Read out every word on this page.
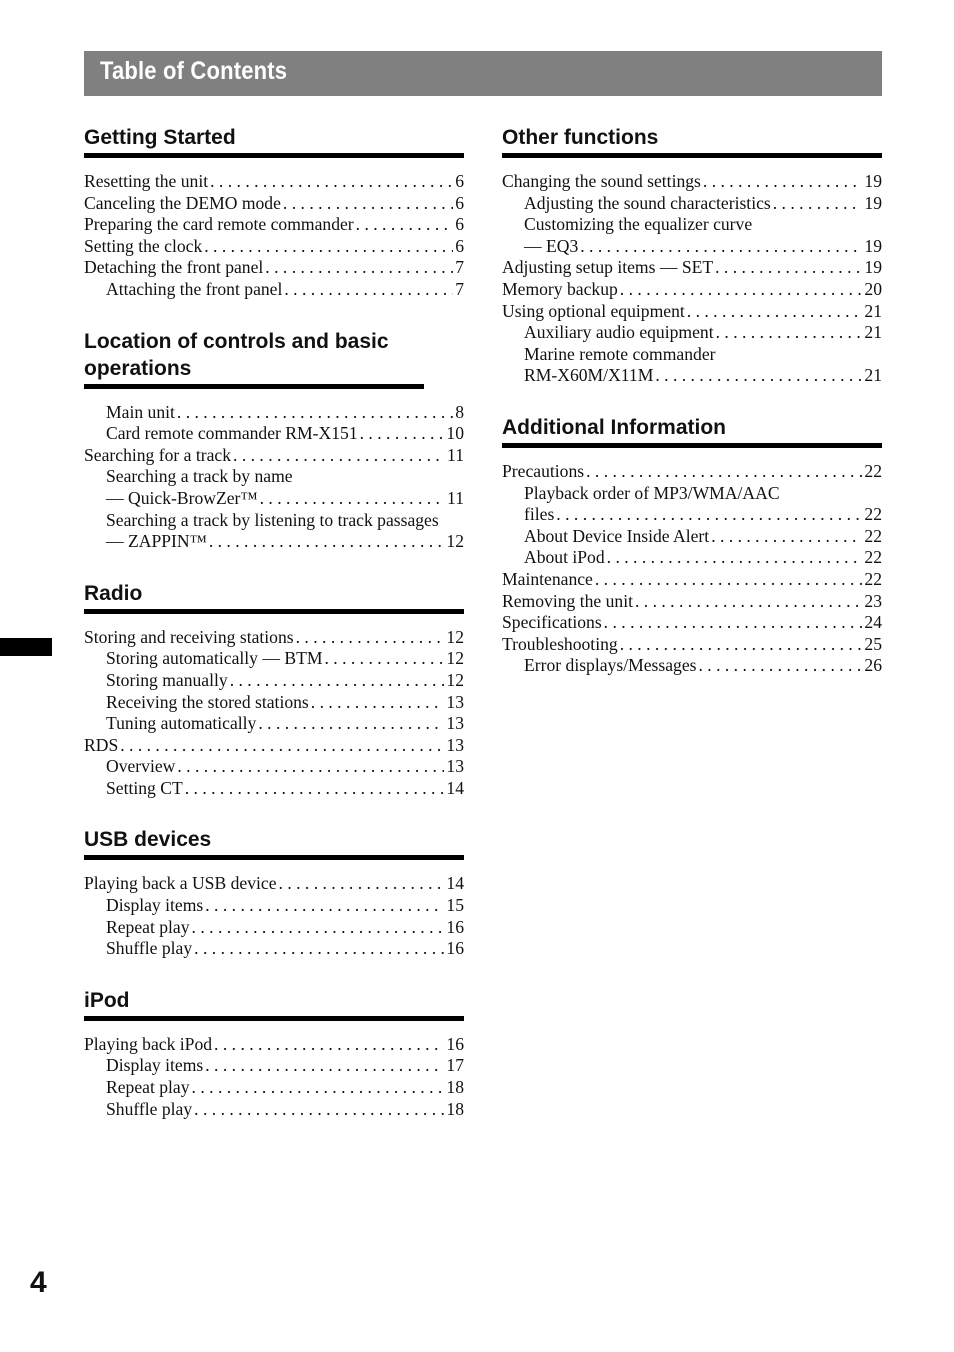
Table of Contents
Getting Started
Resetting the unit . . .	6
Canceling the DEMO mode . . .	6
Preparing the card remote commander . . .	6
Setting the clock . . .	6
Detaching the front panel . . .	7
Attaching the front panel . . .	7
Location of controls and basic operations
Main unit . . .	8
Card remote commander RM-X151 . . .	10
Searching for a track . . .	11
Searching a track by name
— Quick-BrowZer™ . . .	11
Searching a track by listening to track passages
— ZAPPIN™ . . .	12
Radio
Storing and receiving stations . . .	12
Storing automatically — BTM . . .	12
Storing manually . . .	12
Receiving the stored stations . . .	13
Tuning automatically . . .	13
RDS . . .	13
Overview . . .	13
Setting CT . . .	14
USB devices
Playing back a USB device . . .	14
Display items . . .	15
Repeat play . . .	16
Shuffle play . . .	16
iPod
Playing back iPod . . .	16
Display items . . .	17
Repeat play . . .	18
Shuffle play . . .	18
Other functions
Changing the sound settings . . .	19
Adjusting the sound characteristics . . .	19
Customizing the equalizer curve
— EQ3 . . .	19
Adjusting setup items — SET . . .	19
Memory backup . . .	20
Using optional equipment . . .	21
Auxiliary audio equipment . . .	21
Marine remote commander
RM-X60M/X11M . . .	21
Additional Information
Precautions . . .	22
Playback order of MP3/WMA/AAC
files . . .	22
About Device Inside Alert . . .	22
About iPod . . .	22
Maintenance . . .	22
Removing the unit . . .	23
Specifications . . .	24
Troubleshooting . . .	25
Error displays/Messages . . .	26
4
